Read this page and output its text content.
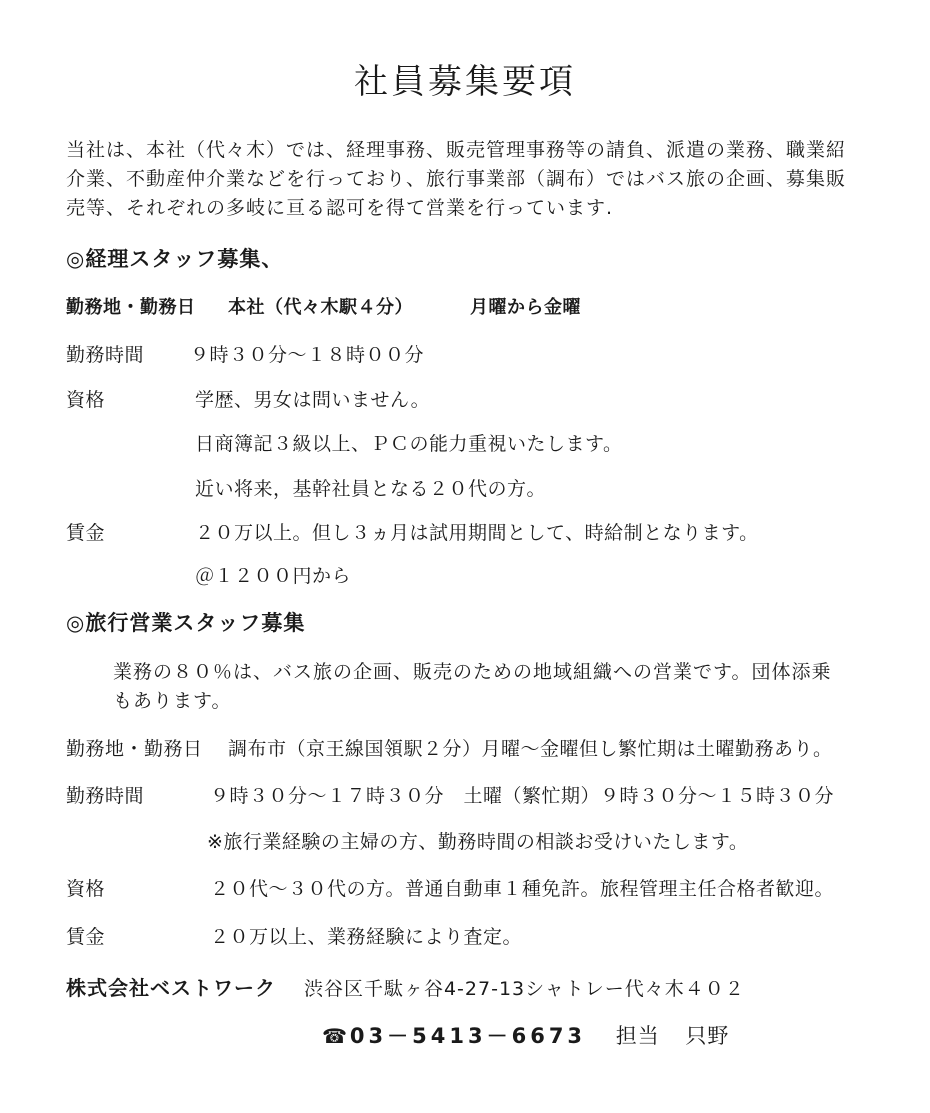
社員募集要項
当社は、本社（代々木）では、経理事務、販売管理事務等の請負、派遣の業務、職業紹
介業、不動産仲介業などを行っており、旅行事業部（調布）ではバス旅の企画、募集販
売等、それぞれの多岐に亘る認可を得て営業を行っています.
◎経理スタッフ募集、
勤務地・勤務日 本社（代々木駅４分）	月曜から金曜
勤務時間 ９時３０分～１８時００分
資格	学歴、男女は問いません。
日商簿記３級以上、ＰＣの能力重視いたします。
近い将来，基幹社員となる２０代の方。
賃金	２０万以上。但し３ヵ月は試用期間として、時給制となります。
＠１２００円から
◎旅行営業スタッフ募集
業務の８０％は、バス旅の企画、販売のための地域組織への営業です。団体添乗
もあります。
勤務地・勤務日 調布市（京王線国領駅２分）月曜～金曜但し繁忙期は土曜勤務あり。
勤務時間	９時３０分～１７時３０分　土曜（繁忙期）９時３０分～１５時３０分
※旅行業経験の主婦の方、勤務時間の相談お受けいたします。
資格	２０代～３０代の方。普通自動車１種免許。旅程管理主任合格者歓迎。
賃金	２０万以上、業務経験により査定。
株式会社ベストワーク 渋谷区千駄ヶ谷4-27-13シャトレー代々木４０２
☎03－5413－6673 担当 只野
